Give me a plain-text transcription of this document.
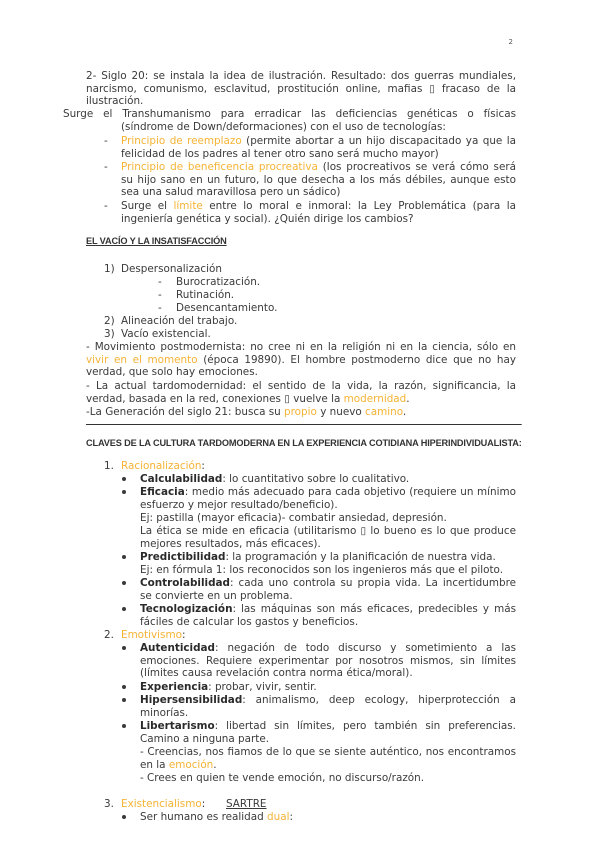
2
2- Siglo 20: se instala la idea de ilustración. Resultado: dos guerras mundiales, narcismo, comunismo, esclavitud, prostitución online, mafias ▯ fracaso de la ilustración.
Surge el Transhumanismo para erradicar las deficiencias genéticas o físicas
(síndrome de Down/deformaciones) con el uso de tecnologías:
- Principio de reemplazo (permite abortar a un hijo discapacitado ya que la felicidad de los padres al tener otro sano será mucho mayor)
- Principio de beneficencia procreativa (los procreativos se verá cómo será su hijo sano en un futuro, lo que desecha a los más débiles, aunque esto sea una salud maravillosa pero un sádico)
- Surge el límite entre lo moral e inmoral: la Ley Problemática (para la ingeniería genética y social). ¿Quién dirige los cambios?
EL VACÍO Y LA INSATISFACCIÓN
1) Despersonalización
- Burocratización.
- Rutinación.
- Desencantamiento.
2) Alineación del trabajo.
3) Vacío existencial.
- Movimiento postmodernista: no cree ni en la religión ni en la ciencia, sólo en vivir en el momento (época 19890). El hombre postmoderno dice que no hay verdad, que solo hay emociones.
- La actual tardomodernidad: el sentido de la vida, la razón, significancia, la verdad, basada en la red, conexiones ▯ vuelve la modernidad.
-La Generación del siglo 21: busca su propio y nuevo camino.
CLAVES DE LA CULTURA TARDOMODERNA EN LA EXPERIENCIA COTIDIANA HIPERINDIVIDUALISTA:
1. Racionalización:
Calculabilidad: lo cuantitativo sobre lo cualitativo.
Eficacia: medio más adecuado para cada objetivo (requiere un mínimo esfuerzo y mejor resultado/beneficio).
Ej: pastilla (mayor eficacia)- combatir ansiedad, depresión.
La ética se mide en eficacia (utilitarismo ▯ lo bueno es lo que produce mejores resultados, más eficaces).
Predictibilidad: la programación y la planificación de nuestra vida.
Ej: en fórmula 1: los reconocidos son los ingenieros más que el piloto.
Controlabilidad: cada uno controla su propia vida. La incertidumbre se convierte en un problema.
Tecnologización: las máquinas son más eficaces, predecibles y más fáciles de calcular los gastos y beneficios.
2. Emotivismo:
Autenticidad: negación de todo discurso y sometimiento a las emociones. Requiere experimentar por nosotros mismos, sin límites (límites causa revelación contra norma ética/moral).
Experiencia: probar, vivir, sentir.
Hipersensibilidad: animalismo, deep ecology, hiperprotección a minorías.
Libertarismo: libertad sin límites, pero también sin preferencias. Camino a ninguna parte.
- Creencias, nos fiamos de lo que se siente auténtico, nos encontramos en la emoción.
- Crees en quien te vende emoción, no discurso/razón.
3. Existencialismo: SARTRE
Ser humano es realidad dual:
